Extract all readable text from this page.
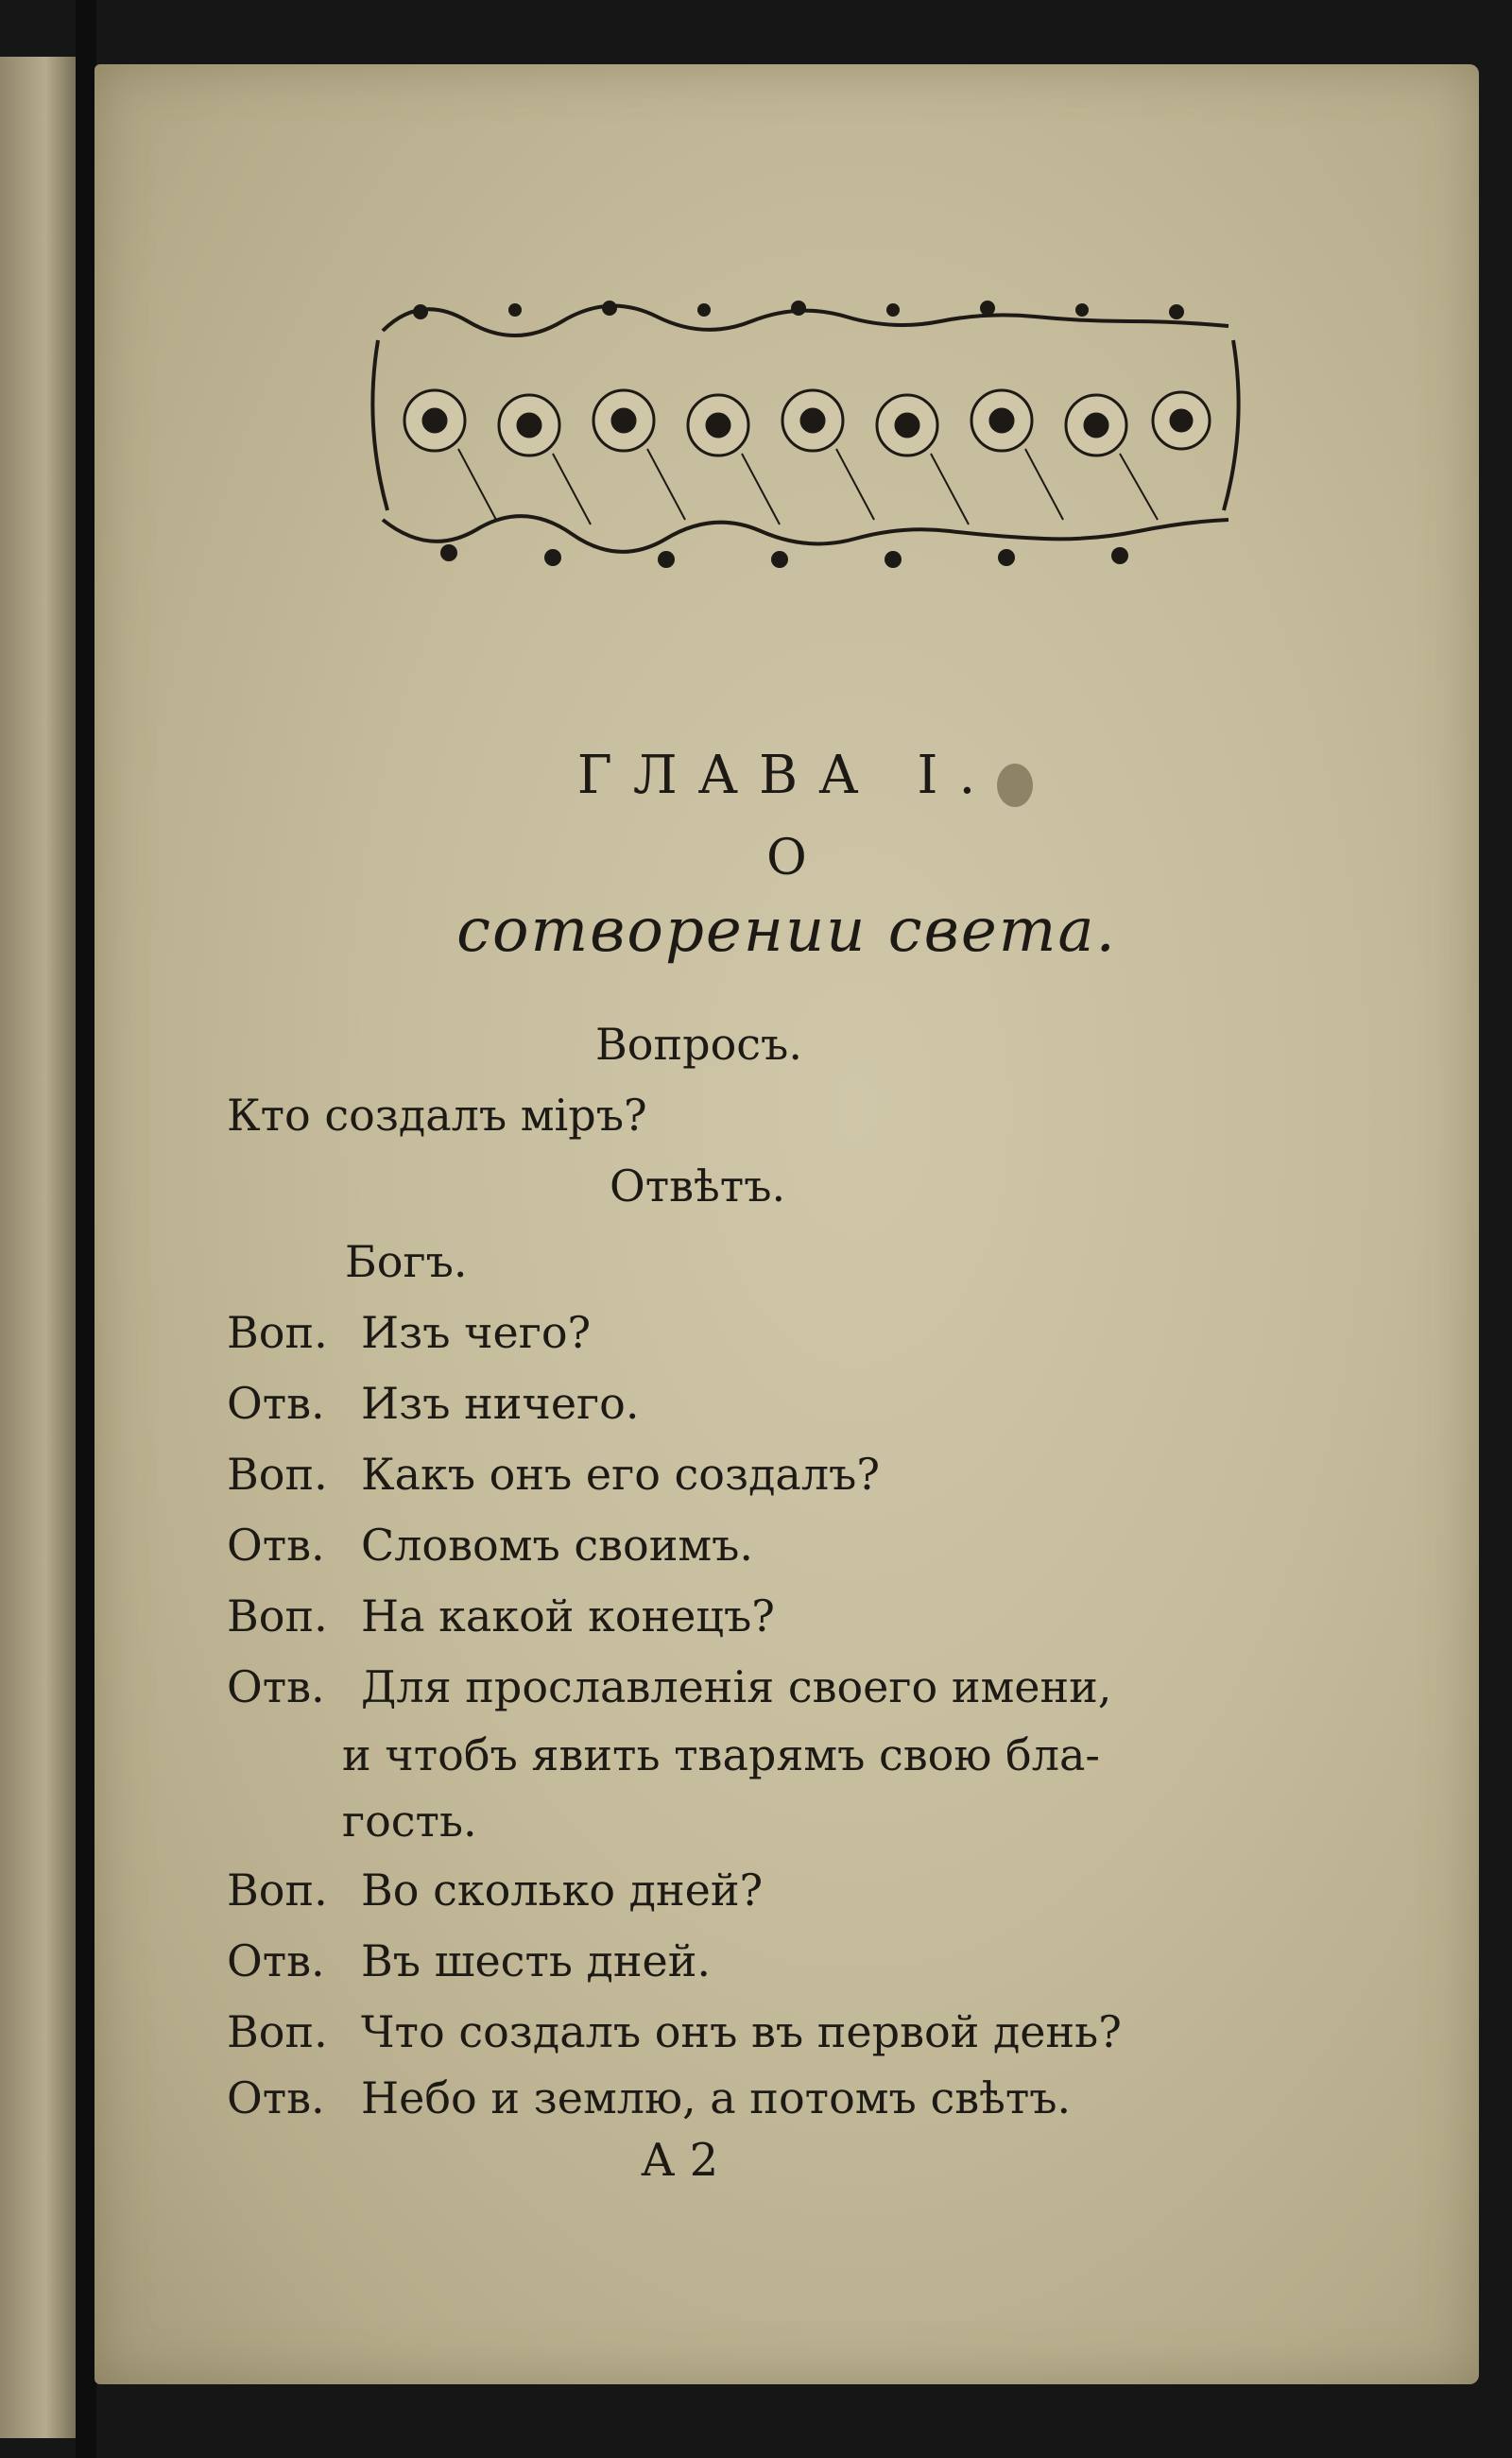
ГЛАВА I.
О
сотворении света.
Вопросъ.
Кто создалъ міръ?
Отвѣтъ.
Богъ.
Воп. Изъ чего?
Отв. Изъ ничего.
Воп. Какъ онъ его создалъ?
Отв. Словомъ своимъ.
Воп. На какой конецъ?
Отв. Для прославленія своего имени,
и чтобъ явить тварямъ свою бла-
гость.
Воп. Во сколько дней?
Отв. Въ шесть дней.
Воп. Что создалъ онъ въ первой день?
Отв. Небо и землю, а потомъ свѣтъ.
А 2
